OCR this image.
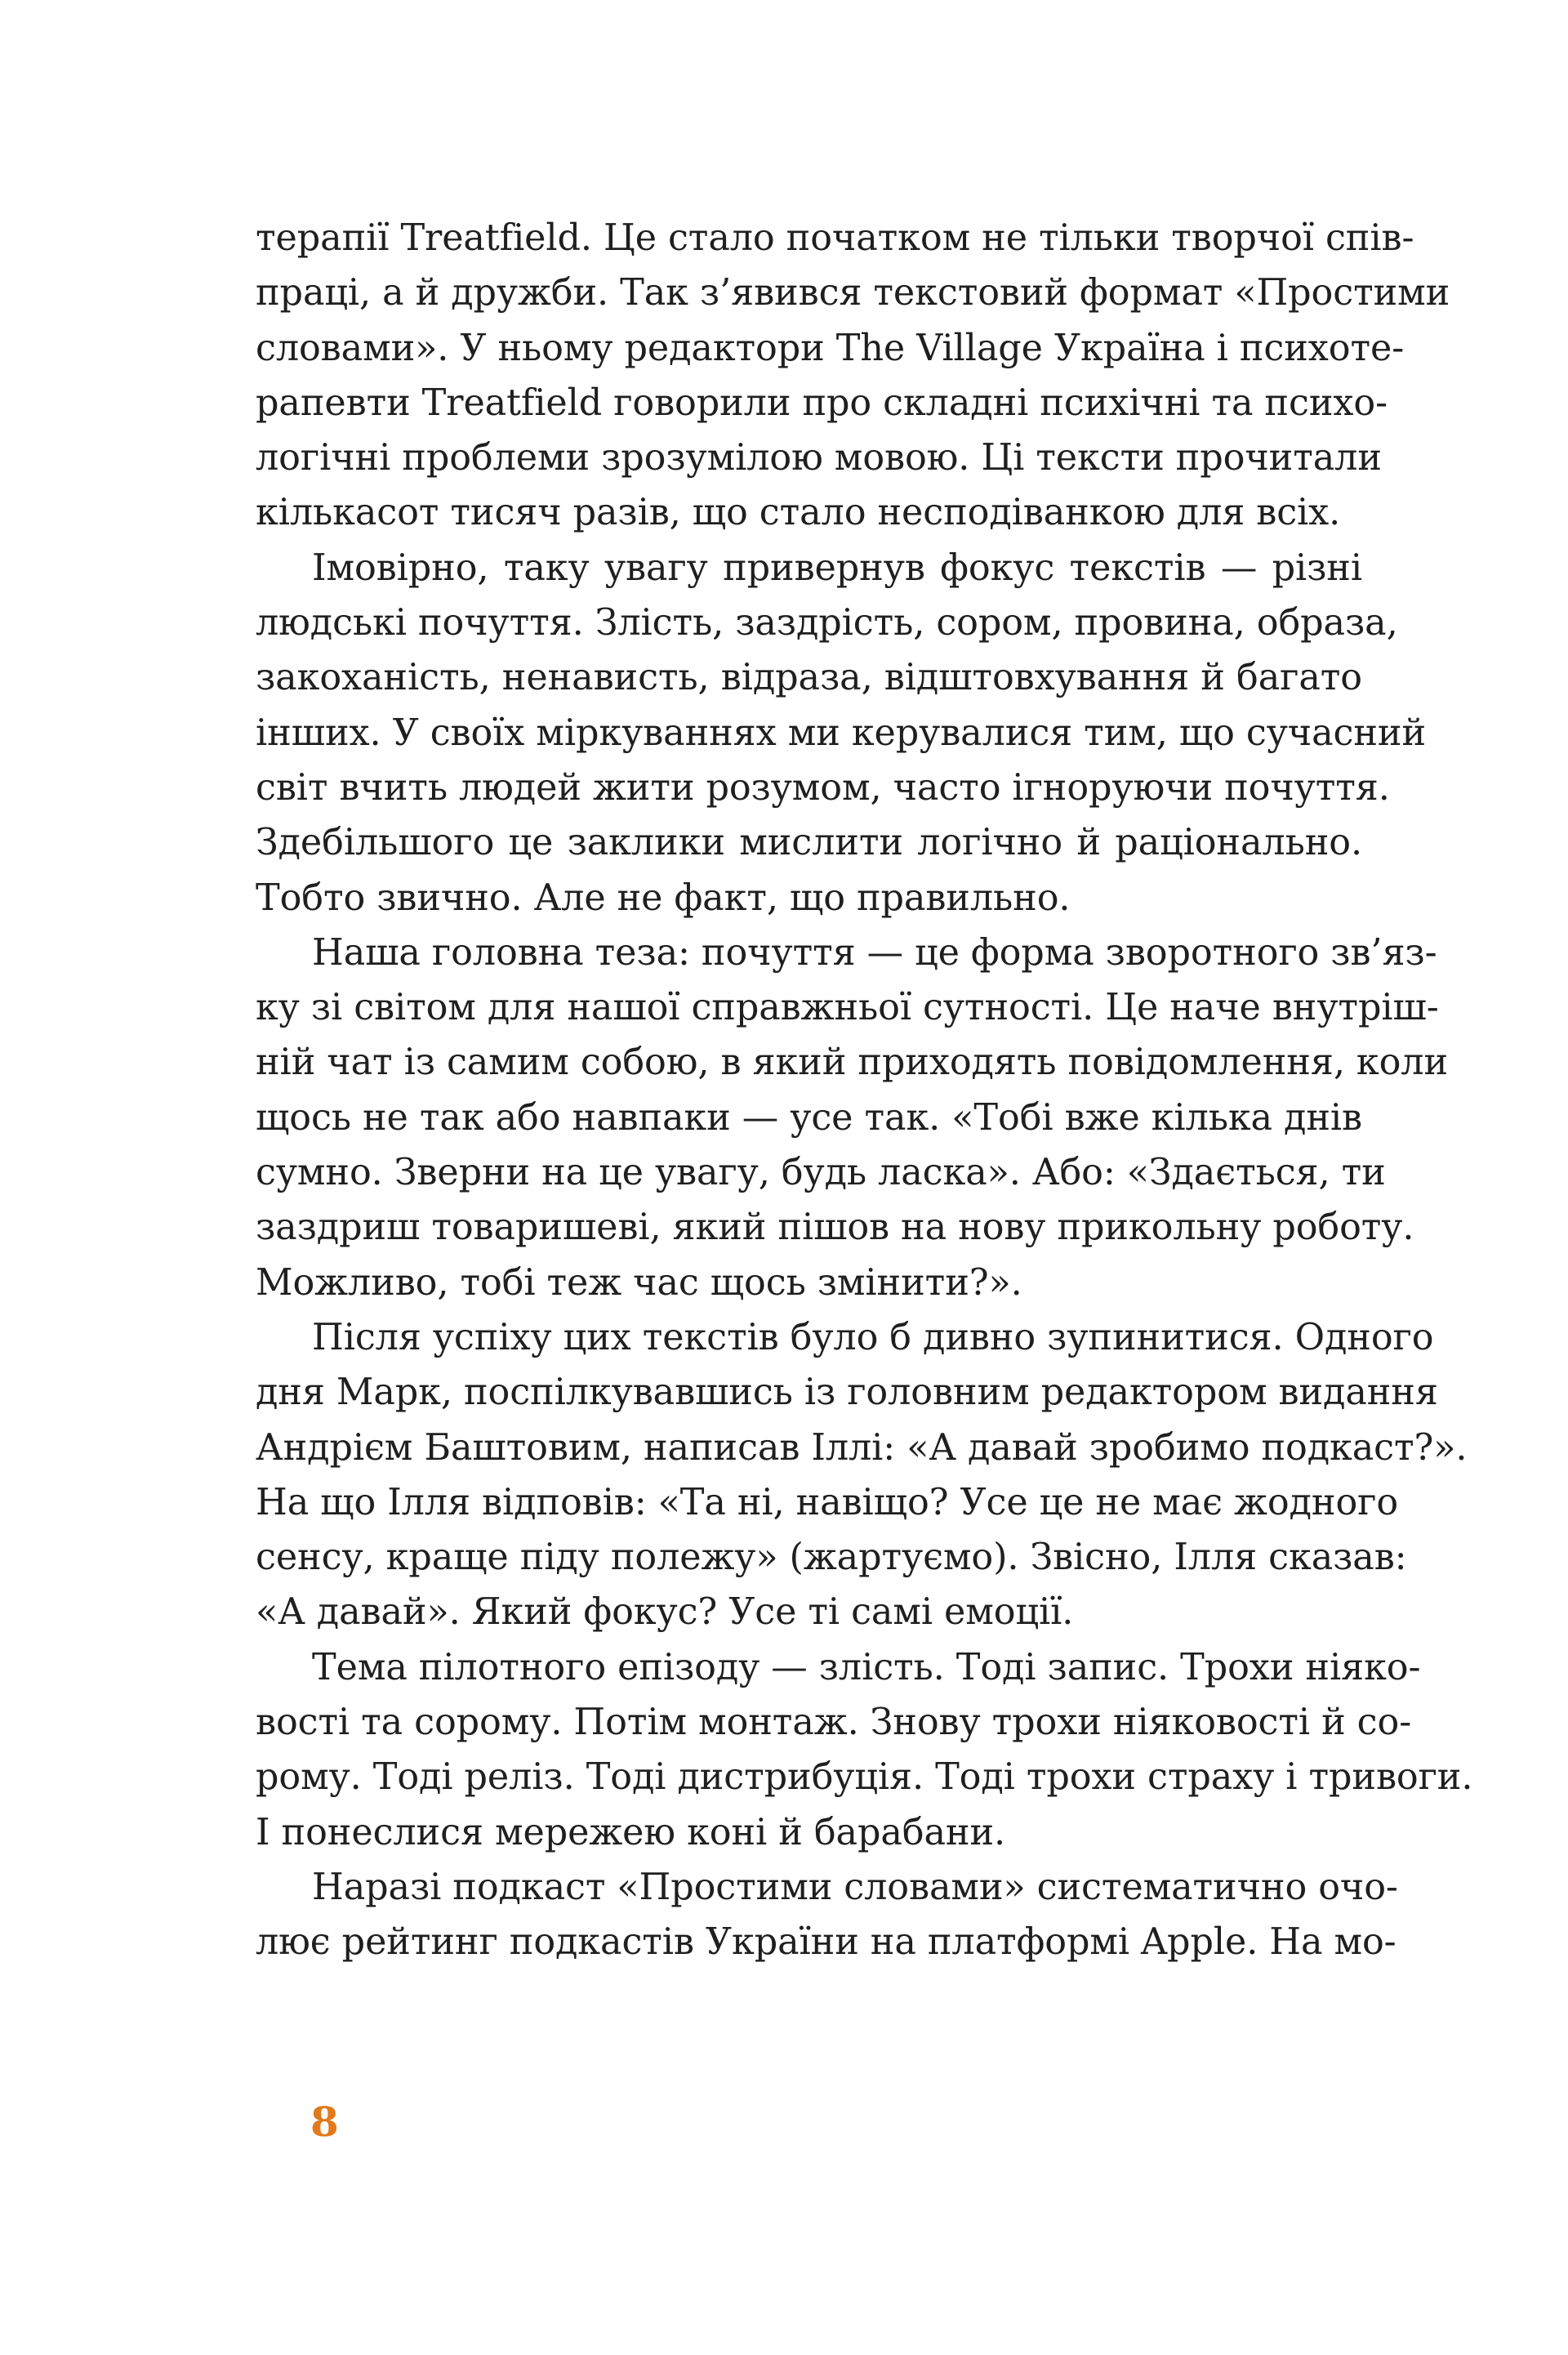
терапії Treatfield. Це стало початком не тільки творчої спів-
праці, а й дружби. Так з’явився текстовий формат «Простими
словами». У ньому редактори The Village Україна і психоте-
рапевти Treatfield говорили про складні психічні та психо-
логічні проблеми зрозумілою мовою. Ці тексти прочитали
кількасот тисяч разів, що стало несподіванкою для всіх.
Імовірно, таку увагу привернув фокус текстів — різні
людські почуття. Злість, заздрість, сором, провина, образа,
закоханість, ненависть, відраза, відштовхування й багато
інших. У своїх міркуваннях ми керувалися тим, що сучасний
світ вчить людей жити розумом, часто ігноруючи почуття.
Здебільшого це заклики мислити логічно й раціонально.
Тобто звично. Але не факт, що правильно.
Наша головна теза: почуття — це форма зворотного зв’яз-
ку зі світом для нашої справжньої сутності. Це наче внутріш-
ній чат із самим собою, в який приходять повідомлення, коли
щось не так або навпаки — усе так. «Тобі вже кілька днів
сумно. Зверни на це увагу, будь ласка». Або: «Здається, ти
заздриш товаришеві, який пішов на нову прикольну роботу.
Можливо, тобі теж час щось змінити?».
Після успіху цих текстів було б дивно зупинитися. Одного
дня Марк, поспілкувавшись із головним редактором видання
Андрієм Баштовим, написав Іллі: «А давай зробимо подкаст?».
На що Ілля відповів: «Та ні, навіщо? Усе це не має жодного
сенсу, краще піду полежу» (жартуємо). Звісно, Ілля сказав:
«А давай». Який фокус? Усе ті самі емоції.
Тема пілотного епізоду — злість. Тоді запис. Трохи ніяко-
вості та сорому. Потім монтаж. Знову трохи ніяковості й со-
рому. Тоді реліз. Тоді дистрибуція. Тоді трохи страху і тривоги.
І понеслися мережею коні й барабани.
Наразі подкаст «Простими словами» систематично очо-
лює рейтинг подкастів України на платформі Apple. На мо-
8
